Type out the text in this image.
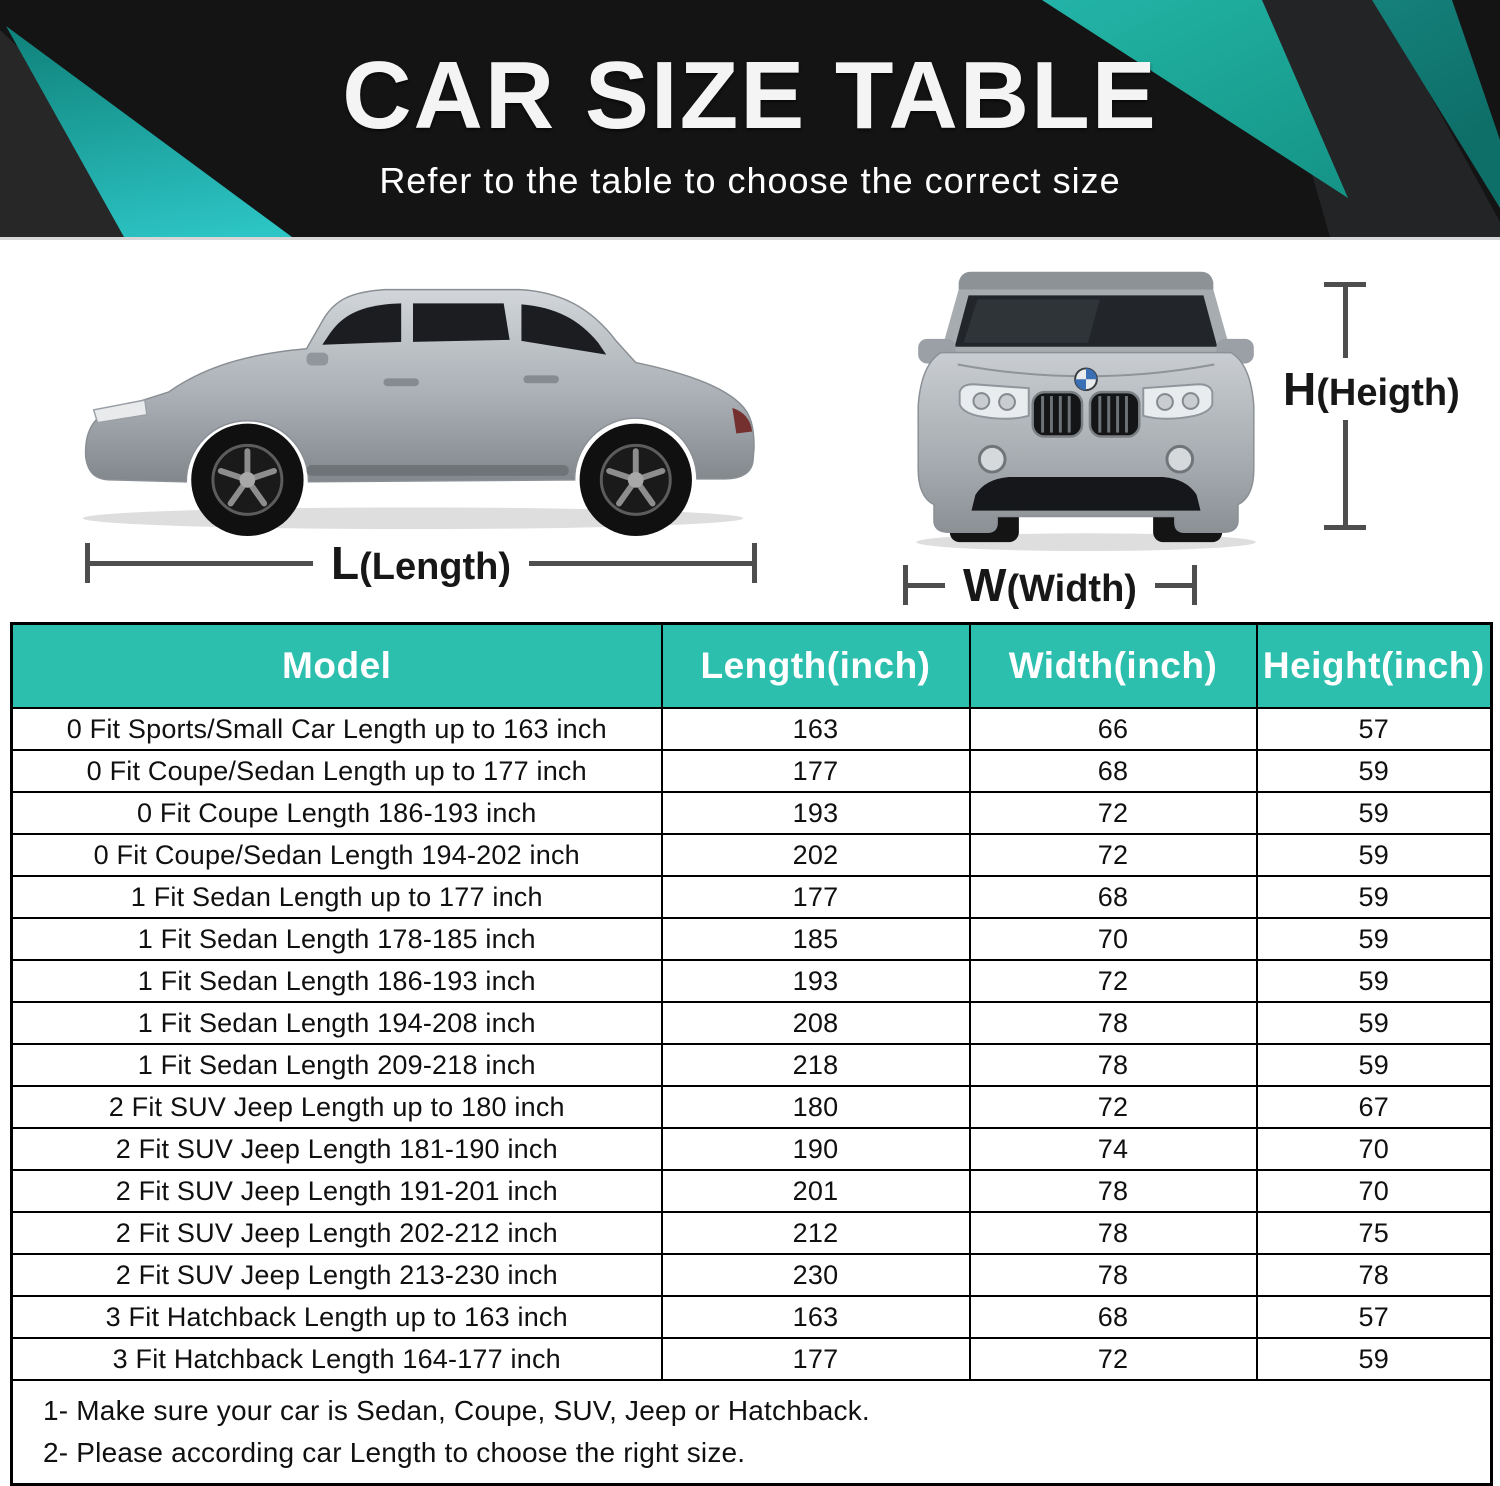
CAR SIZE TABLE
Refer to the table to choose the correct size
L(Length)	W(Width)
H(Heigth)
Model	Length(inch)	Width(inch)	Height(inch)
0 Fit Sports/Small Car Length up to 163 inch	163	66	57
0 Fit Coupe/Sedan Length up to 177 inch	177	68	59
0 Fit Coupe Length 186-193 inch	193	72	59
0 Fit Coupe/Sedan Length 194-202 inch	202	72	59
1 Fit Sedan Length up to 177 inch	177	68	59
1 Fit Sedan Length 178-185 inch	185	70	59
1 Fit Sedan Length 186-193 inch	193	72	59
1 Fit Sedan Length 194-208 inch	208	78	59
1 Fit Sedan Length 209-218 inch	218	78	59
2 Fit SUV Jeep Length up to 180 inch	180	72	67
2 Fit SUV Jeep Length 181-190 inch	190	74	70
2 Fit SUV Jeep Length 191-201 inch	201	78	70
2 Fit SUV Jeep Length 202-212 inch	212	78	75
2 Fit SUV Jeep Length 213-230 inch	230	78	78
3 Fit Hatchback Length up to 163 inch	163	68	57
3 Fit Hatchback Length 164-177 inch	177	72	59

1- Make sure your car is Sedan, Coupe, SUV, Jeep or Hatchback.
2- Please according car Length to choose the right size.			
